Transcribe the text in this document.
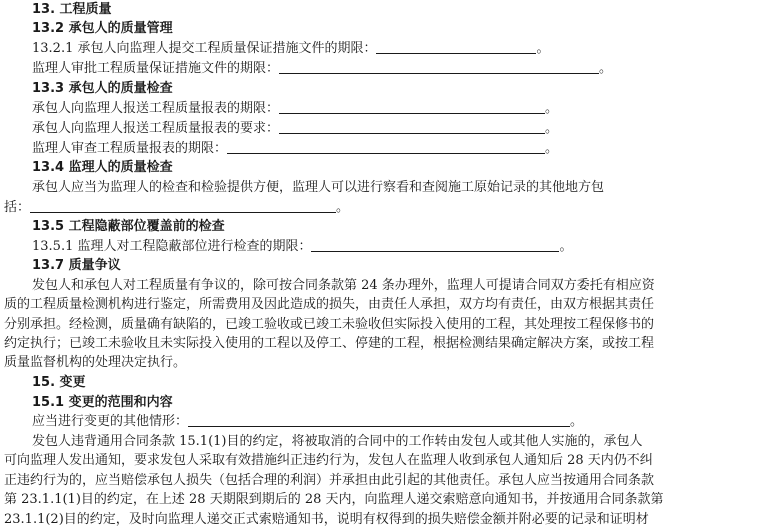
13. 工程质量
13.2 承包人的质量管理
13.2.1 承包人向监理人提交工程质量保证措施文件的期限：	。
监理人审批工程质量保证措施文件的期限：	。
13.3 承包人的质量检查
承包人向监理人报送工程质量报表的期限：	。
承包人向监理人报送工程质量报表的要求：	。
监理人审查工程质量报表的期限：	。
13.4 监理人的质量检查
承包人应当为监理人的检查和检验提供方便，监理人可以进行察看和查阅施工原始记录的其他地方包
括：	。
13.5 工程隐蔽部位覆盖前的检查
13.5.1 监理人对工程隐蔽部位进行检查的期限：	。
13.7 质量争议
发包人和承包人对工程质量有争议的，除可按合同条款第 24 条办理外，监理人可提请合同双方委托有相应资
质的工程质量检测机构进行鉴定，所需费用及因此造成的损失，由责任人承担，双方均有责任，由双方根据其责任
分别承担。经检测，质量确有缺陷的，已竣工验收或已竣工未验收但实际投入使用的工程，其处理按工程保修书的
约定执行；已竣工未验收且未实际投入使用的工程以及停工、停建的工程，根据检测结果确定解决方案，或按工程
质量监督机构的处理决定执行。
15. 变更
15.1 变更的范围和内容
应当进行变更的其他情形：	。
发包人违背通用合同条款 15.1(1)目的约定，将被取消的合同中的工作转由发包人或其他人实施的，承包人
可向监理人发出通知，要求发包人采取有效措施纠正违约行为，发包人在监理人收到承包人通知后 28 天内仍不纠
正违约行为的，应当赔偿承包人损失（包括合理的利润）并承担由此引起的其他责任。承包人应当按通用合同条款
第 23.1.1(1)目的约定，在上述 28 天期限到期后的 28 天内，向监理人递交索赔意向通知书，并按通用合同条款第
23.1.1(2)目的约定，及时向监理人递交正式索赔通知书，说明有权得到的损失赔偿金额并附必要的记录和证明材
